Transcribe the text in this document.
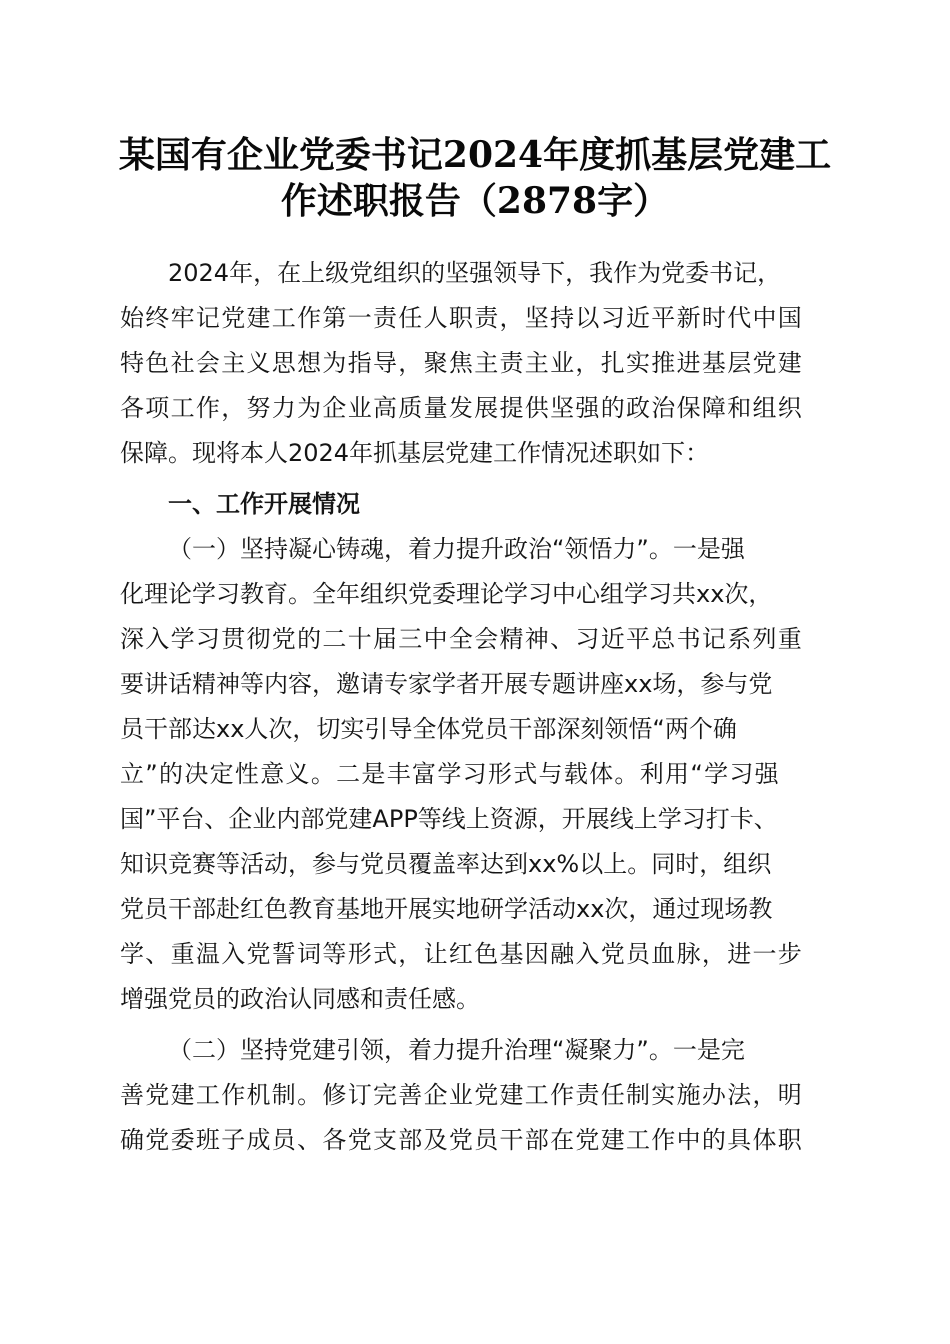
某国有企业党委书记2024年度抓基层党建工
作述职报告（2878字）

2024年，在上级党组织的坚强领导下，我作为党委书记，
始终牢记党建工作第一责任人职责，坚持以习近平新时代中国
特色社会主义思想为指导，聚焦主责主业，扎实推进基层党建
各项工作，努力为企业高质量发展提供坚强的政治保障和组织
保障。现将本人2024年抓基层党建工作情况述职如下：

一、工作开展情况

（一）坚持凝心铸魂，着力提升政治“领悟力”。一是强
化理论学习教育。全年组织党委理论学习中心组学习共xx次，
深入学习贯彻党的二十届三中全会精神、习近平总书记系列重
要讲话精神等内容，邀请专家学者开展专题讲座xx场，参与党
员干部达xx人次，切实引导全体党员干部深刻领悟“两个确
立”的决定性意义。二是丰富学习形式与载体。利用“学习强
国”平台、企业内部党建APP等线上资源，开展线上学习打卡、
知识竞赛等活动，参与党员覆盖率达到xx%以上。同时，组织
党员干部赴红色教育基地开展实地研学活动xx次，通过现场教
学、重温入党誓词等形式，让红色基因融入党员血脉，进一步
增强党员的政治认同感和责任感。

（二）坚持党建引领，着力提升治理“凝聚力”。一是完
善党建工作机制。修订完善企业党建工作责任制实施办法，明
确党委班子成员、各党支部及党员干部在党建工作中的具体职
